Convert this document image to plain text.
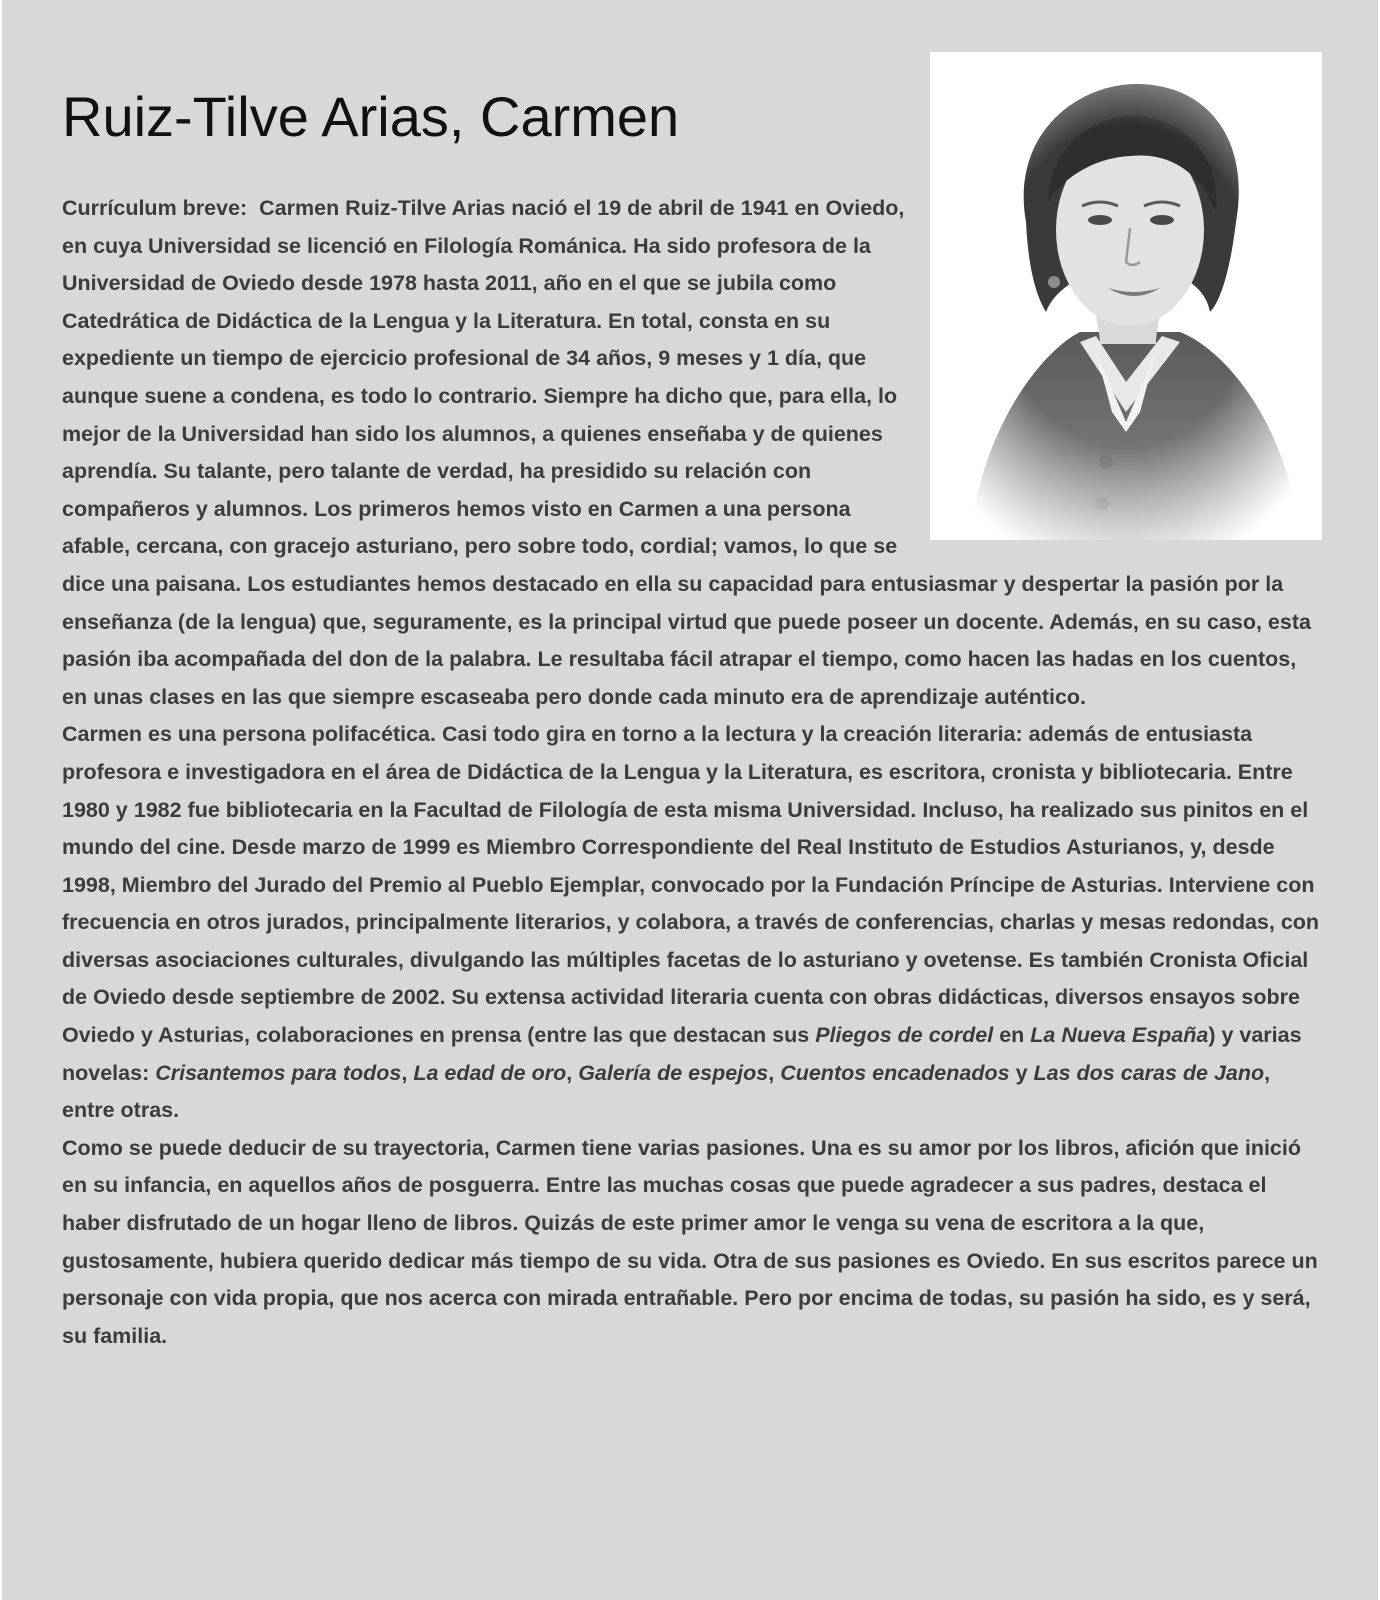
Ruiz-Tilve Arias, Carmen

Currículum breve: Carmen Ruiz-Tilve Arias nació el 19 de abril de 1941 en Oviedo, en cuya Universidad se licenció en Filología Románica. Ha sido profesora de la Universidad de Oviedo desde 1978 hasta 2011, año en el que se jubila como Catedrática de Didáctica de la Lengua y la Literatura. En total, consta en su expediente un tiempo de ejercicio profesional de 34 años, 9 meses y 1 día, que aunque suene a condena, es todo lo contrario. Siempre ha dicho que, para ella, lo mejor de la Universidad han sido los alumnos, a quienes enseñaba y de quienes aprendía. Su talante, pero talante de verdad, ha presidido su relación con compañeros y alumnos. Los primeros hemos visto en Carmen a una persona afable, cercana, con gracejo asturiano, pero sobre todo, cordial; vamos, lo que se dice una paisana. Los estudiantes hemos destacado en ella su capacidad para entusiasmar y despertar la pasión por la enseñanza (de la lengua) que, seguramente, es la principal virtud que puede poseer un docente. Además, en su caso, esta pasión iba acompañada del don de la palabra. Le resultaba fácil atrapar el tiempo, como hacen las hadas en los cuentos, en unas clases en las que siempre escaseaba pero donde cada minuto era de aprendizaje auténtico.

Carmen es una persona polifacética. Casi todo gira en torno a la lectura y la creación literaria: además de entusiasta profesora e investigadora en el área de Didáctica de la Lengua y la Literatura, es escritora, cronista y bibliotecaria. Entre 1980 y 1982 fue bibliotecaria en la Facultad de Filología de esta misma Universidad. Incluso, ha realizado sus pinitos en el mundo del cine. Desde marzo de 1999 es Miembro Correspondiente del Real Instituto de Estudios Asturianos, y, desde 1998, Miembro del Jurado del Premio al Pueblo Ejemplar, convocado por la Fundación Príncipe de Asturias. Interviene con frecuencia en otros jurados, principalmente literarios, y colabora, a través de conferencias, charlas y mesas redondas, con diversas asociaciones culturales, divulgando las múltiples facetas de lo asturiano y ovetense. Es también Cronista Oficial de Oviedo desde septiembre de 2002. Su extensa actividad literaria cuenta con obras didácticas, diversos ensayos sobre Oviedo y Asturias, colaboraciones en prensa (entre las que destacan sus Pliegos de cordel en La Nueva España) y varias novelas: Crisantemos para todos, La edad de oro, Galería de espejos, Cuentos encadenados y Las dos caras de Jano, entre otras.

Como se puede deducir de su trayectoria, Carmen tiene varias pasiones. Una es su amor por los libros, afición que inició en su infancia, en aquellos años de posguerra. Entre las muchas cosas que puede agradecer a sus padres, destaca el haber disfrutado de un hogar lleno de libros. Quizás de este primer amor le venga su vena de escritora a la que, gustosamente, hubiera querido dedicar más tiempo de su vida. Otra de sus pasiones es Oviedo. En sus escritos parece un personaje con vida propia, que nos acerca con mirada entrañable. Pero por encima de todas, su pasión ha sido, es y será, su familia.
